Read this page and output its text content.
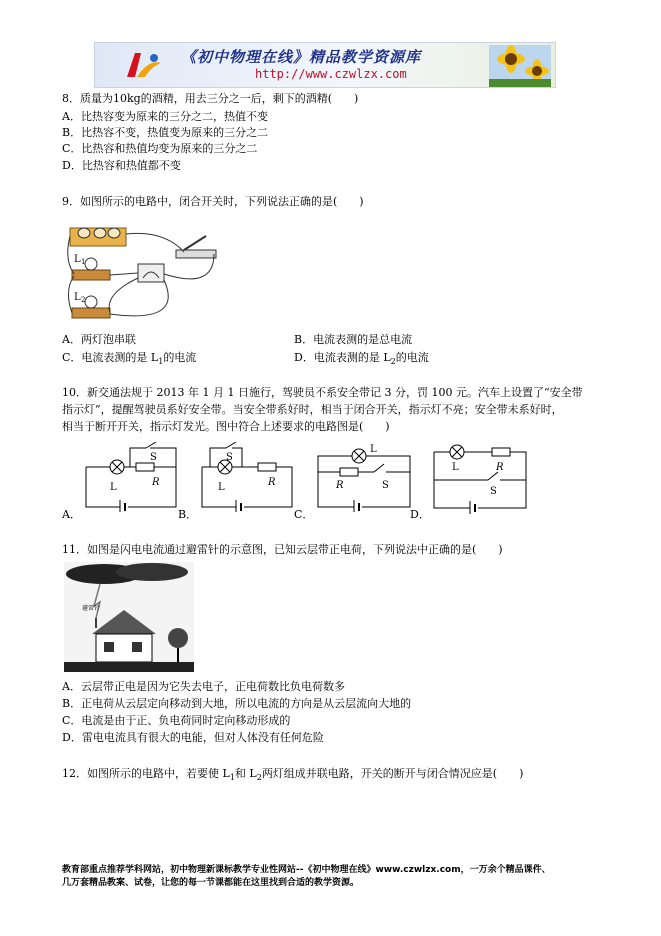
《初中物理在线》精品教学资源库
http://www.czwlzx.com
8．质量为10kg的酒精，用去三分之一后，剩下的酒精(　　)
A．比热容变为原来的三分之二，热值不变
B．比热容不变，热值变为原来的三分之二
C．比热容和热值均变为原来的三分之二
D．比热容和热值都不变
9．如图所示的电路中，闭合开关时，下列说法正确的是(　　)
L 1
L 2
A．两灯泡串联	B．电流表测的是总电流
C．电流表测的是 $L_1$的电流	D．电流表测的是 $L_2$的电流
10．新交通法规于 2013 年 1 月 1 日施行，驾驶员不系安全带记 3 分，罚 100 元。汽车上设置了“安全带
指示灯”，提醒驾驶员系好安全带。当安全带系好时，相当于闭合开关，指示灯不亮；安全带未系好时，
相当于断开开关，指示灯发光。图中符合上述要求的电路图是(　　)
L	R
S
A．
L	R
S
B．
L
R	S
C．
L	R
S
D．
11．如图是闪电电流通过避雷针的示意图，已知云层带正电荷，下列说法中正确的是(　　)
避雷针
A．云层带正电是因为它失去电子，正电荷数比负电荷数多
B．正电荷从云层定向移动到大地，所以电流的方向是从云层流向大地的
C．电流是由于正、负电荷同时定向移动形成的
D．雷电电流具有很大的电能，但对人体没有任何危险
12．如图所示的电路中，若要使 $L_1$和 $L_2$两灯组成并联电路，开关的断开与闭合情况应是(　　)
教育部重点推荐学科网站，初中物理新课标教学专业性网站--《初中物理在线》www.czwlzx.com，一万余个精品课件、
几万套精品教案、试卷，让您的每一节课都能在这里找到合适的教学资源。
